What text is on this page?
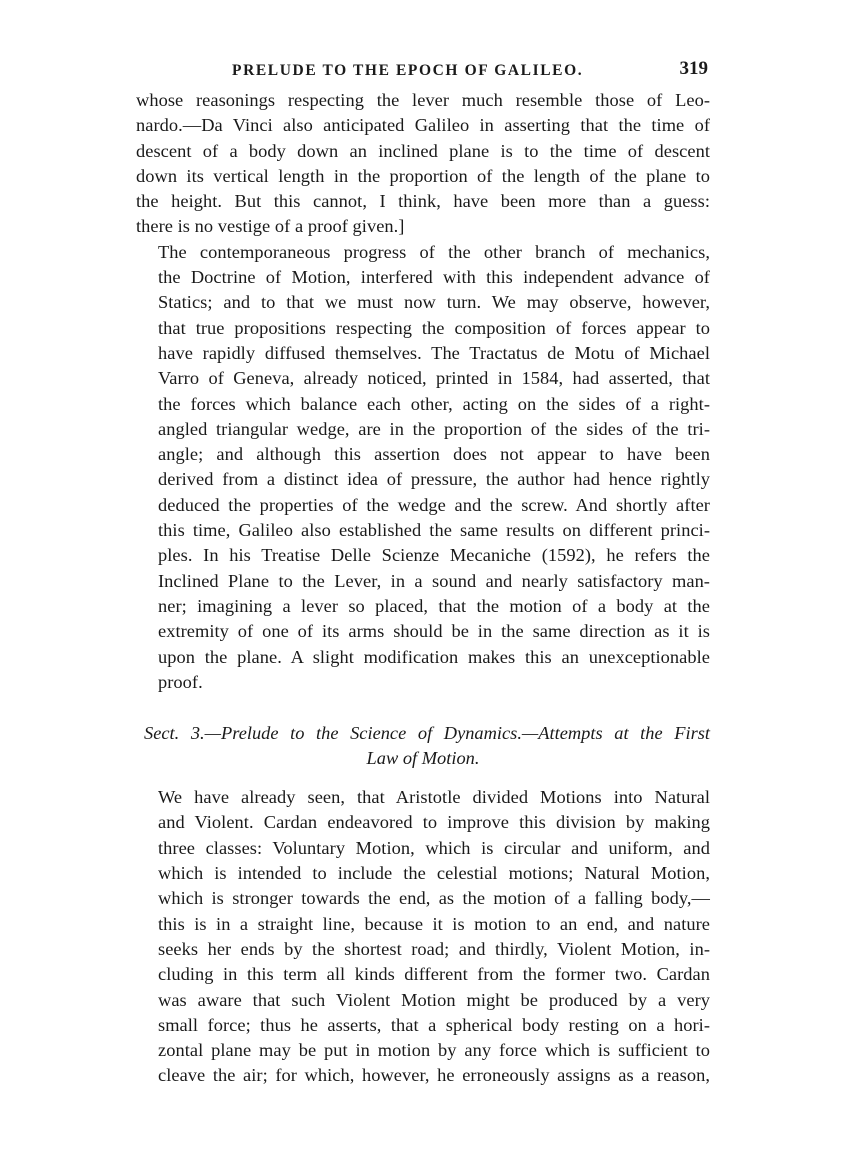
PRELUDE TO THE EPOCH OF GALILEO.	319

whose reasonings respecting the lever much resemble those of Leo-
nardo.—Da Vinci also anticipated Galileo in asserting that the time of
descent of a body down an inclined plane is to the time of descent
down its vertical length in the proportion of the length of the plane to
the height. But this cannot, I think, have been more than a guess:
there is no vestige of a proof given.]

The contemporaneous progress of the other branch of mechanics,
the Doctrine of Motion, interfered with this independent advance of
Statics; and to that we must now turn. We may observe, however,
that true propositions respecting the composition of forces appear to
have rapidly diffused themselves. The Tractatus de Motu of Michael
Varro of Geneva, already noticed, printed in 1584, had asserted, that
the forces which balance each other, acting on the sides of a right-
angled triangular wedge, are in the proportion of the sides of the tri-
angle; and although this assertion does not appear to have been
derived from a distinct idea of pressure, the author had hence rightly
deduced the properties of the wedge and the screw. And shortly after
this time, Galileo also established the same results on different princi-
ples. In his Treatise Delle Scienze Mecaniche (1592), he refers the
Inclined Plane to the Lever, in a sound and nearly satisfactory man-
ner; imagining a lever so placed, that the motion of a body at the
extremity of one of its arms should be in the same direction as it is
upon the plane. A slight modification makes this an unexceptionable
proof.

Sect. 3.—Prelude to the Science of Dynamics.—Attempts at the First
Law of Motion.

We have already seen, that Aristotle divided Motions into Natural
and Violent. Cardan endeavored to improve this division by making
three classes: Voluntary Motion, which is circular and uniform, and
which is intended to include the celestial motions; Natural Motion,
which is stronger towards the end, as the motion of a falling body,—
this is in a straight line, because it is motion to an end, and nature
seeks her ends by the shortest road; and thirdly, Violent Motion, in-
cluding in this term all kinds different from the former two. Cardan
was aware that such Violent Motion might be produced by a very
small force; thus he asserts, that a spherical body resting on a hori-
zontal plane may be put in motion by any force which is sufficient to
cleave the air; for which, however, he erroneously assigns as a reason,
